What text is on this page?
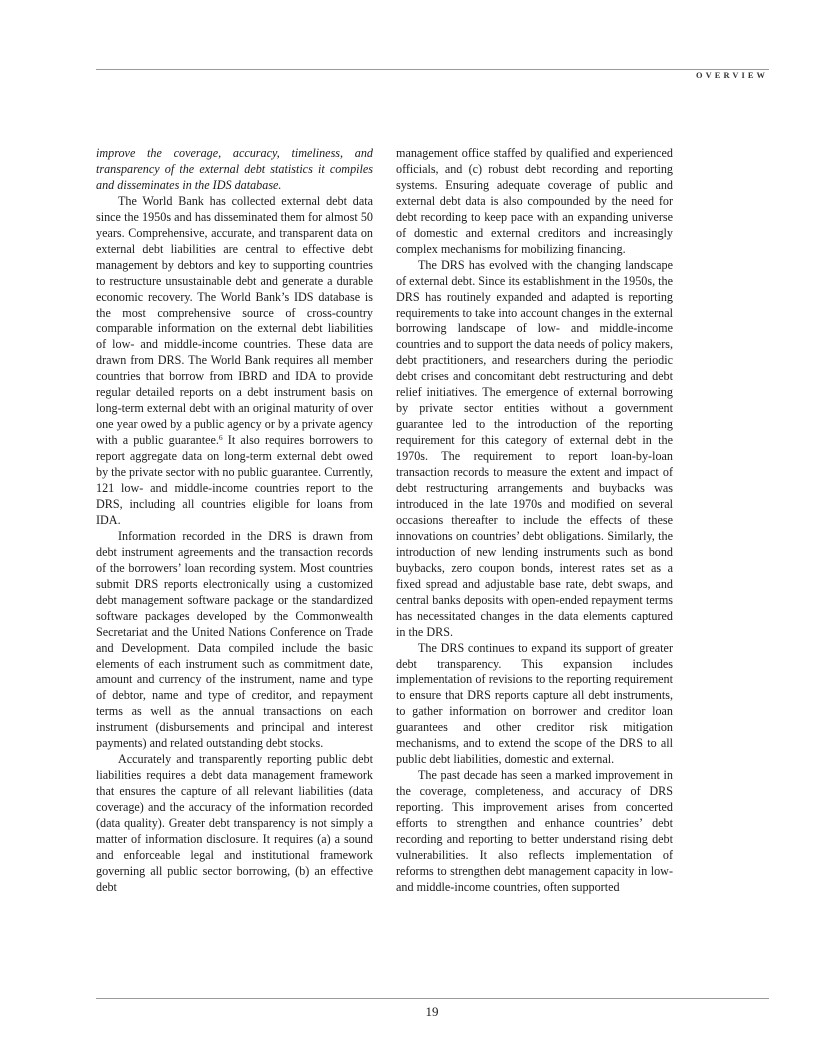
OVERVIEW

improve the coverage, accuracy, timeliness, and transparency of the external debt statistics it compiles and disseminates in the IDS database.

The World Bank has collected external debt data since the 1950s and has disseminated them for almost 50 years. Comprehensive, accurate, and transparent data on external debt liabilities are central to effective debt management by debtors and key to supporting countries to restructure unsustainable debt and generate a durable economic recovery. The World Bank’s IDS database is the most comprehensive source of cross-country comparable information on the external debt liabilities of low- and middle-income countries. These data are drawn from DRS. The World Bank requires all member countries that borrow from IBRD and IDA to provide regular detailed reports on a debt instrument basis on long-term external debt with an original maturity of over one year owed by a public agency or by a private agency with a public guarantee.$^6$ It also requires borrowers to report aggregate data on long-term external debt owed by the private sector with no public guarantee. Currently, 121 low- and middle-income countries report to the DRS, including all countries eligible for loans from IDA.

Information recorded in the DRS is drawn from debt instrument agreements and the transaction records of the borrowers’ loan recording system. Most countries submit DRS reports electronically using a customized debt management software package or the standardized software packages developed by the Commonwealth Secretariat and the United Nations Conference on Trade and Development. Data compiled include the basic elements of each instrument such as commitment date, amount and currency of the instrument, name and type of debtor, name and type of creditor, and repayment terms as well as the annual transactions on each instrument (disbursements and principal and interest payments) and related outstanding debt stocks.

Accurately and transparently reporting public debt liabilities requires a debt data management framework that ensures the capture of all relevant liabilities (data coverage) and the accuracy of the information recorded (data quality). Greater debt transparency is not simply a matter of information disclosure. It requires (a) a sound and enforceable legal and institutional framework governing all public sector borrowing, (b) an effective debt

management office staffed by qualified and experienced officials, and (c) robust debt recording and reporting systems. Ensuring adequate coverage of public and external debt data is also compounded by the need for debt recording to keep pace with an expanding universe of domestic and external creditors and increasingly complex mechanisms for mobilizing financing.

The DRS has evolved with the changing landscape of external debt. Since its establishment in the 1950s, the DRS has routinely expanded and adapted is reporting requirements to take into account changes in the external borrowing landscape of low- and middle-income countries and to support the data needs of policy makers, debt practitioners, and researchers during the periodic debt crises and concomitant debt restructuring and debt relief initiatives. The emergence of external borrowing by private sector entities without a government guarantee led to the introduction of the reporting requirement for this category of external debt in the 1970s. The requirement to report loan-by-loan transaction records to measure the extent and impact of debt restructuring arrangements and buybacks was introduced in the late 1970s and modified on several occasions thereafter to include the effects of these innovations on countries’ debt obligations. Similarly, the introduction of new lending instruments such as bond buybacks, zero coupon bonds, interest rates set as a fixed spread and adjustable base rate, debt swaps, and central banks deposits with open-ended repayment terms has necessitated changes in the data elements captured in the DRS.

The DRS continues to expand its support of greater debt transparency. This expansion includes implementation of revisions to the reporting requirement to ensure that DRS reports capture all debt instruments, to gather information on borrower and creditor loan guarantees and other creditor risk mitigation mechanisms, and to extend the scope of the DRS to all public debt liabilities, domestic and external.

The past decade has seen a marked improvement in the coverage, completeness, and accuracy of DRS reporting. This improvement arises from concerted efforts to strengthen and enhance countries’ debt recording and reporting to better understand rising debt vulnerabilities. It also reflects implementation of reforms to strengthen debt management capacity in low- and middle-income countries, often supported

19
